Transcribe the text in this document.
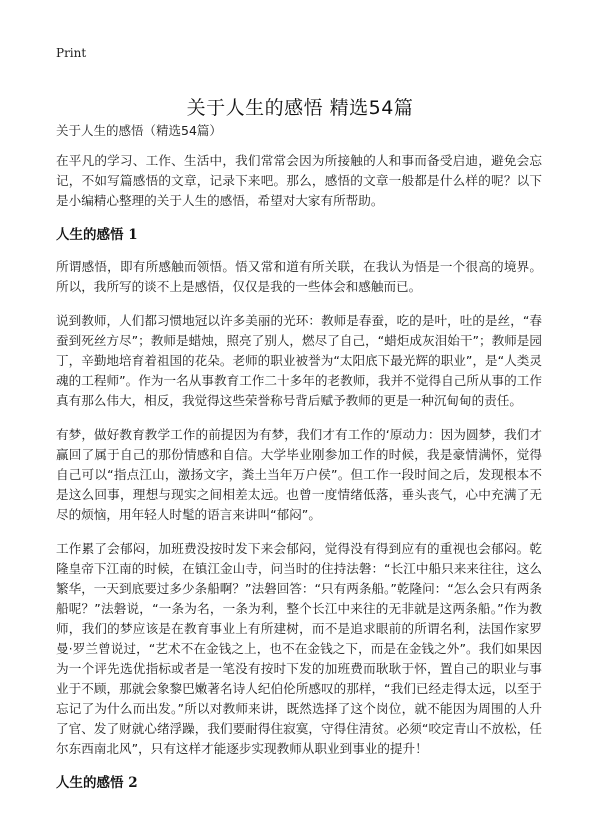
Print
关于人生的感悟 精选54篇
关于人生的感悟（精选54篇）

在平凡的学习、工作、生活中，我们常常会因为所接触的人和事而备受启迪，避免会忘记，不如写篇感悟的文章，记录下来吧。那么，感悟的文章一般都是什么样的呢？以下是小编精心整理的关于人生的感悟，希望对大家有所帮助。

人生的感悟 1

所谓感悟，即有所感触而领悟。悟又常和道有所关联，在我认为悟是一个很高的境界。所以，我所写的谈不上是感悟，仅仅是我的一些体会和感触而已。

说到教师，人们都习惯地冠以许多美丽的光环：教师是春蚕，吃的是叶，吐的是丝，“春蚕到死丝方尽”；教师是蜡烛，照亮了别人，燃尽了自己，“蜡炬成灰泪始干”；教师是园丁，辛勤地培育着祖国的花朵。老师的职业被誉为“太阳底下最光辉的职业”，是“人类灵魂的工程师”。作为一名从事教育工作二十多年的老教师，我并不觉得自己所从事的工作真有那么伟大，相反，我觉得这些荣誉称号背后赋予教师的更是一种沉甸甸的责任。

有梦，做好教育教学工作的前提因为有梦，我们才有工作的‘原动力：因为圆梦，我们才赢回了属于自己的那份情感和自信。大学毕业刚参加工作的时候，我是豪情满怀，觉得自己可以“指点江山，激扬文字，粪土当年万户侯”。但工作一段时间之后，发现根本不是这么回事，理想与现实之间相差太远。也曾一度情绪低落，垂头丧气，心中充满了无尽的烦恼，用年轻人时髦的语言来讲叫“郁闷”。

工作累了会郁闷，加班费没按时发下来会郁闷，觉得没有得到应有的重视也会郁闷。乾隆皇帝下江南的时候，在镇江金山寺，问当时的住持法磐：“长江中船只来来往往，这么繁华，一天到底要过多少条船啊？”法磐回答：“只有两条船。”乾隆问：“怎么会只有两条船呢？”法磐说，“一条为名，一条为利，整个长江中来往的无非就是这两条船。”作为教师，我们的梦应该是在教育事业上有所建树，而不是追求眼前的所谓名利，法国作家罗曼·罗兰曾说过，“艺术不在金钱之上，也不在金钱之下，而是在金钱之外”。我们如果因为一个评先选优指标或者是一笔没有按时下发的加班费而耿耿于怀，置自己的职业与事业于不顾，那就会象黎巴嫩著名诗人纪伯伦所感叹的那样，“我们已经走得太远，以至于忘记了为什么而出发。”所以对教师来讲，既然选择了这个岗位，就不能因为周围的人升了官、发了财就心绪浮躁，我们要耐得住寂寞，守得住清贫。必须“咬定青山不放松，任尔东西南北风”，只有这样才能逐步实现教师从职业到事业的提升！

人生的感悟 2
